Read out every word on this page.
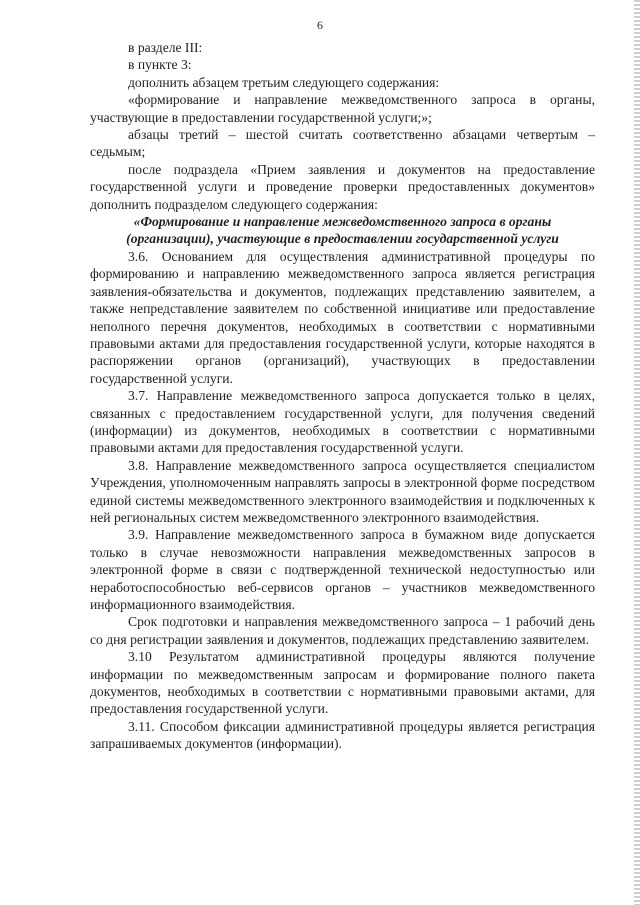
6

в разделе III:

в пункте 3:

дополнить абзацем третьим следующего содержания:

«формирование и направление межведомственного запроса в органы, участвующие в предоставлении государственной услуги;»;

абзацы третий – шестой считать соответственно абзацами четвертым – седьмым;

после подраздела «Прием заявления и документов на предоставление государственной услуги и проведение проверки предоставленных документов» дополнить подразделом следующего содержания:

«Формирование и направление межведомственного запроса в органы (организации), участвующие в предоставлении государственной услуги

3.6. Основанием для осуществления административной процедуры по формированию и направлению межведомственного запроса является регистрация заявления-обязательства и документов, подлежащих представлению заявителем, а также непредставление заявителем по собственной инициативе или предоставление неполного перечня документов, необходимых в соответствии с нормативными правовыми актами для предоставления государственной услуги, которые находятся в распоряжении органов (организаций), участвующих в предоставлении государственной услуги.

3.7. Направление межведомственного запроса допускается только в целях, связанных с предоставлением государственной услуги, для получения сведений (информации) из документов, необходимых в соответствии с нормативными правовыми актами для предоставления государственной услуги.

3.8. Направление межведомственного запроса осуществляется специалистом Учреждения, уполномоченным направлять запросы в электронной форме посредством единой системы межведомственного электронного взаимодействия и подключенных к ней региональных систем межведомственного электронного взаимодействия.

3.9. Направление межведомственного запроса в бумажном виде допускается только в случае невозможности направления межведомственных запросов в электронной форме в связи с подтвержденной технической недоступностью или неработоспособностью веб-сервисов органов – участников межведомственного информационного взаимодействия.

Срок подготовки и направления межведомственного запроса – 1 рабочий день со дня регистрации заявления и документов, подлежащих представлению заявителем.

3.10 Результатом административной процедуры являются получение информации по межведомственным запросам и формирование полного пакета документов, необходимых в соответствии с нормативными правовыми актами, для предоставления государственной услуги.

3.11. Способом фиксации административной процедуры является регистрация запрашиваемых документов (информации).
